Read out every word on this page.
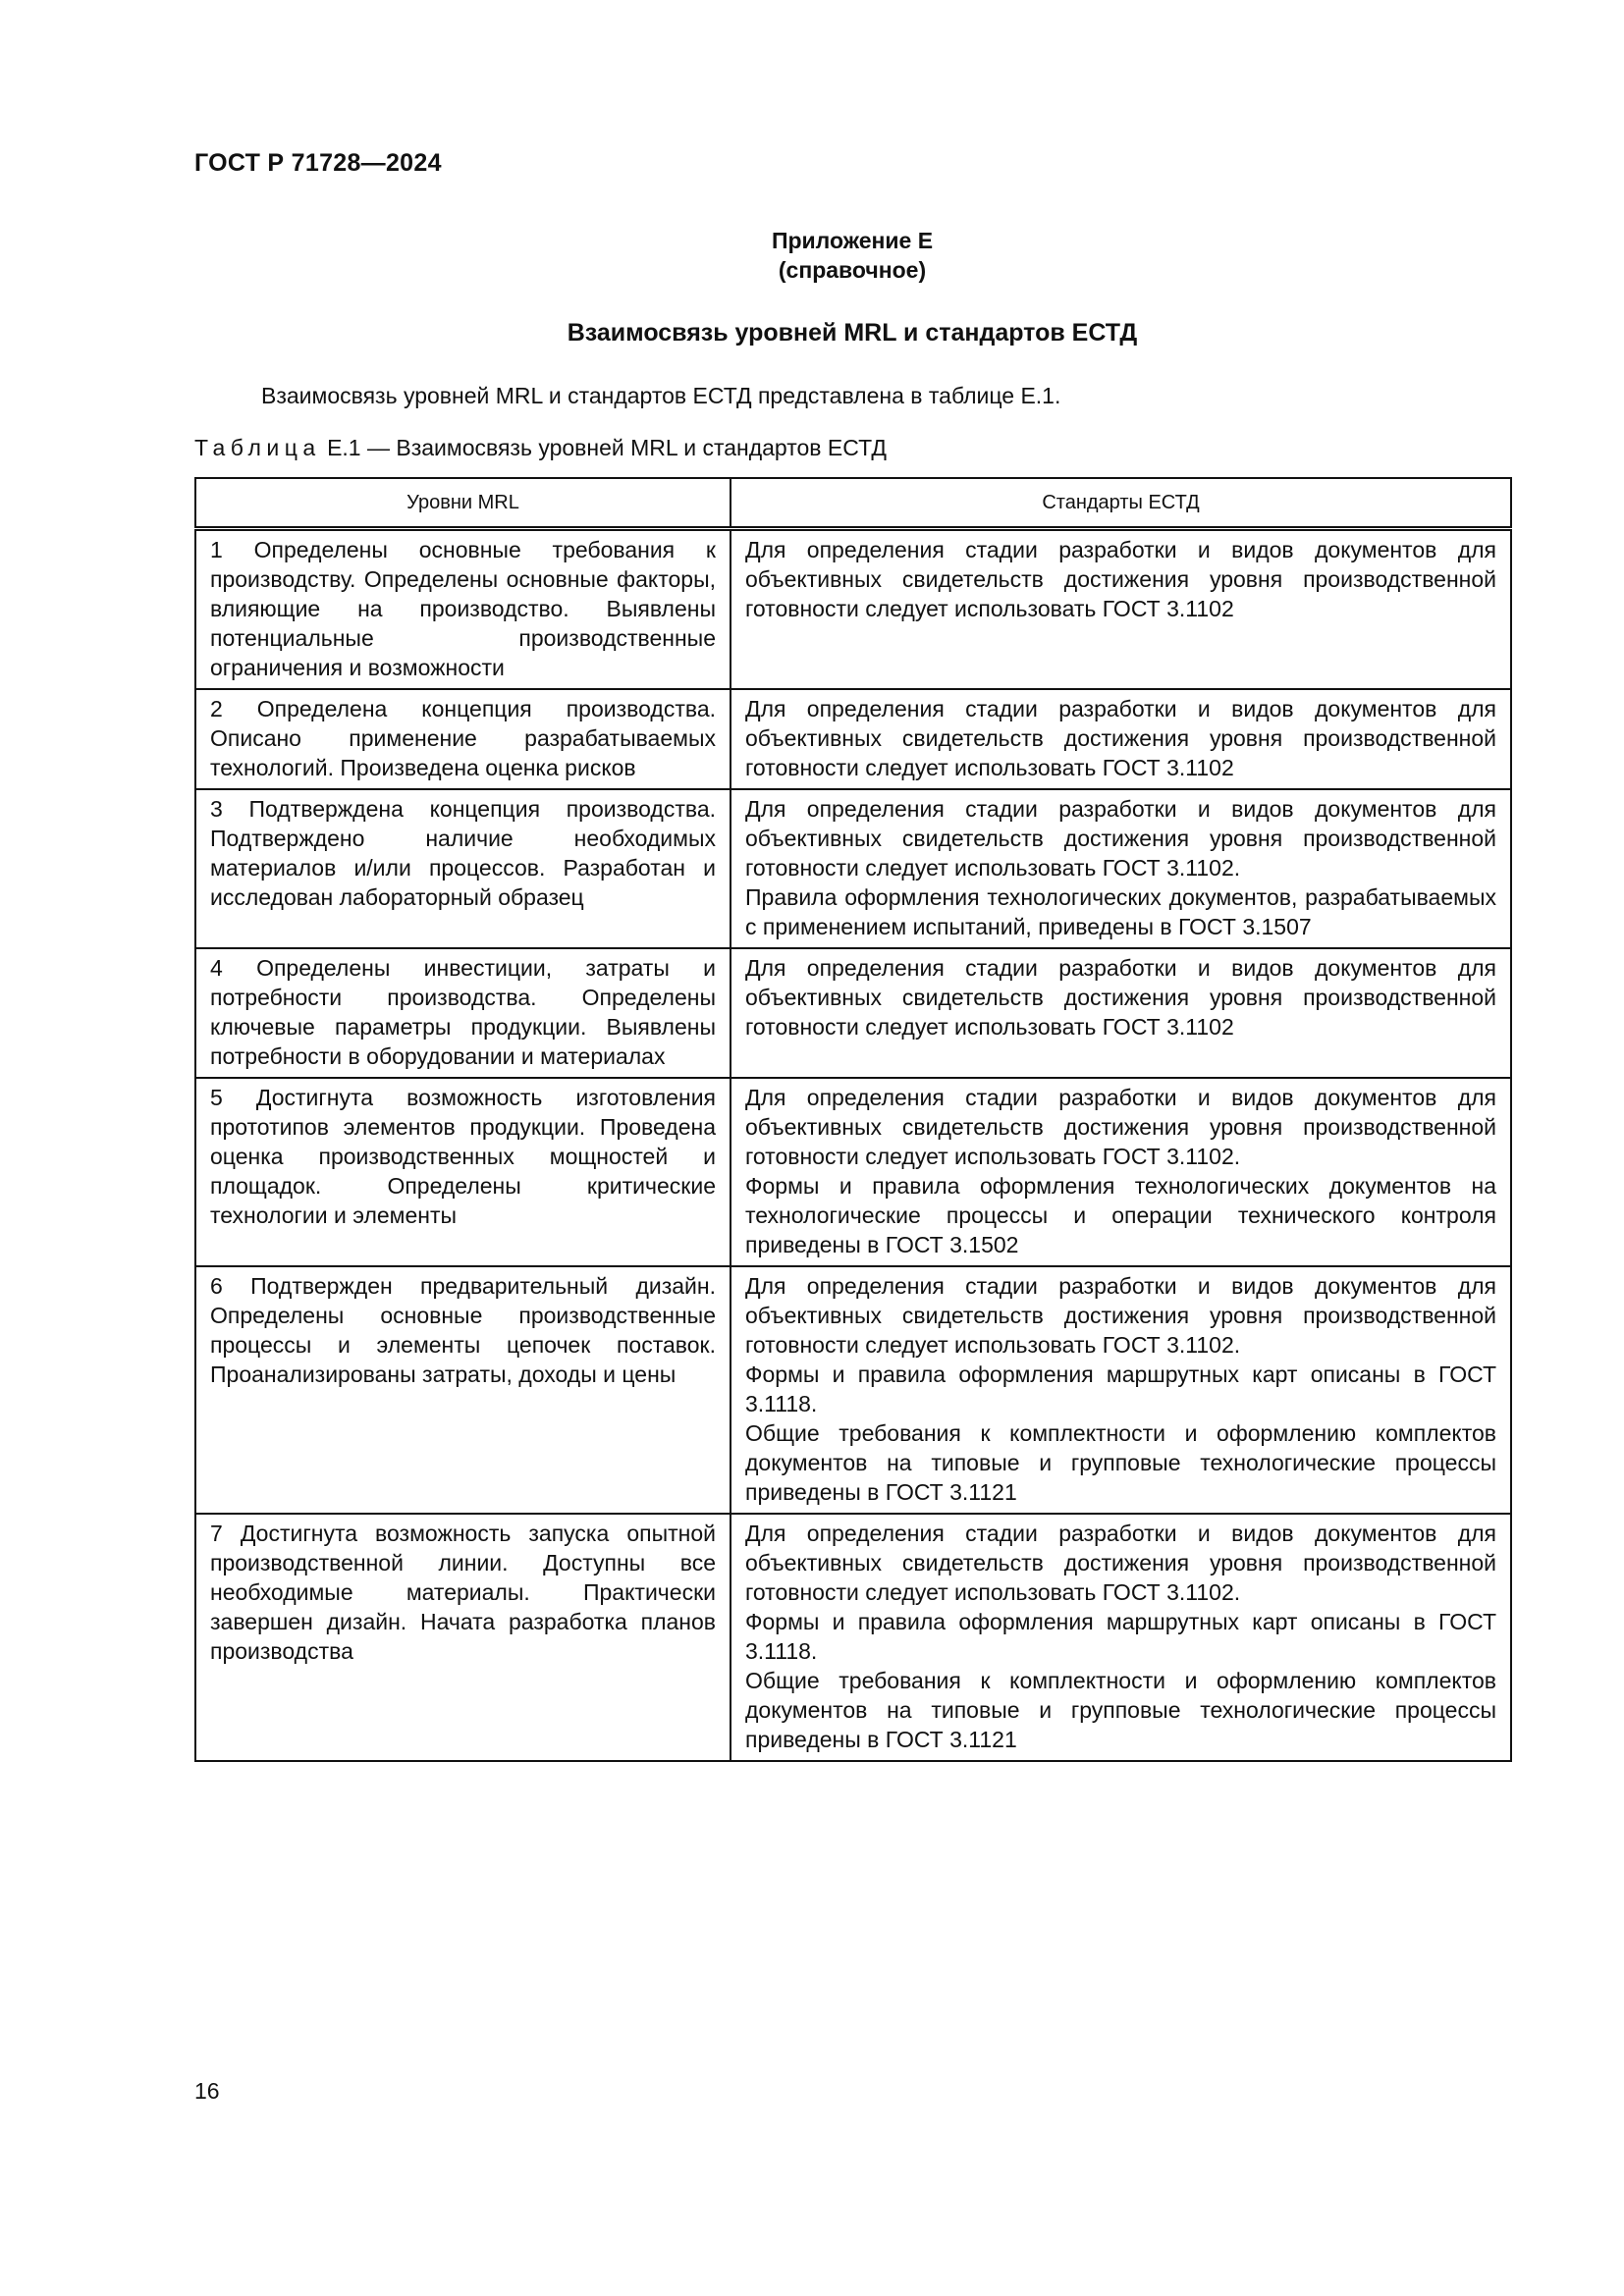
ГОСТ Р 71728—2024
Приложение Е
(справочное)
Взаимосвязь уровней MRL и стандартов ЕСТД
Взаимосвязь уровней MRL и стандартов ЕСТД представлена в таблице Е.1.
Таблица Е.1 — Взаимосвязь уровней MRL и стандартов ЕСТД
Уровни MRL	Стандарты ЕСТД
1 Определены основные требования к производству. Определены основные факторы, влияющие на производство. Выявлены потенциальные производственные ограничения и возможности	Для определения стадии разработки и видов документов для объективных свидетельств достижения уровня производственной готовности следует использовать ГОСТ 3.1102

2 Определена концепция производства. Описано применение разрабатываемых технологий. Произведена оценка рисков	Для определения стадии разработки и видов документов для объективных свидетельств достижения уровня производственной готовности следует использовать ГОСТ 3.1102

3 Подтверждена концепция производства. Подтверждено наличие необходимых материалов и/или процессов. Разработан и исследован лабораторный образец	Для определения стадии разработки и видов документов для объективных свидетельств достижения уровня производственной готовности следует использовать ГОСТ 3.1102.

Правила оформления технологических документов, разрабатываемых с применением испытаний, приведены в ГОСТ 3.1507

4 Определены инвестиции, затраты и потребности производства. Определены ключевые параметры продукции. Выявлены потребности в оборудовании и материалах	Для определения стадии разработки и видов документов для объективных свидетельств достижения уровня производственной готовности следует использовать ГОСТ 3.1102

5 Достигнута возможность изготовления прототипов элементов продукции. Проведена оценка производственных мощностей и площадок. Определены критические технологии и элементы	Для определения стадии разработки и видов документов для объективных свидетельств достижения уровня производственной готовности следует использовать ГОСТ 3.1102.

Формы и правила оформления технологических документов на технологические процессы и операции технического контроля приведены в ГОСТ 3.1502

6 Подтвержден предварительный дизайн. Определены основные производственные процессы и элементы цепочек поставок. Проанализированы затраты, доходы и цены	Для определения стадии разработки и видов документов для объективных свидетельств достижения уровня производственной готовности следует использовать ГОСТ 3.1102.

Формы и правила оформления маршрутных карт описаны в ГОСТ 3.1118.

Общие требования к комплектности и оформлению комплектов документов на типовые и групповые технологические процессы приведены в ГОСТ 3.1121

7 Достигнута возможность запуска опытной производственной линии. Доступны все необходимые материалы. Практически завершен дизайн. Начата разработка планов производства	Для определения стадии разработки и видов документов для объективных свидетельств достижения уровня производственной готовности следует использовать ГОСТ 3.1102.

Формы и правила оформления маршрутных карт описаны в ГОСТ 3.1118.

Общие требования к комплектности и оформлению комплектов документов на типовые и групповые технологические процессы приведены в ГОСТ 3.1121

16
